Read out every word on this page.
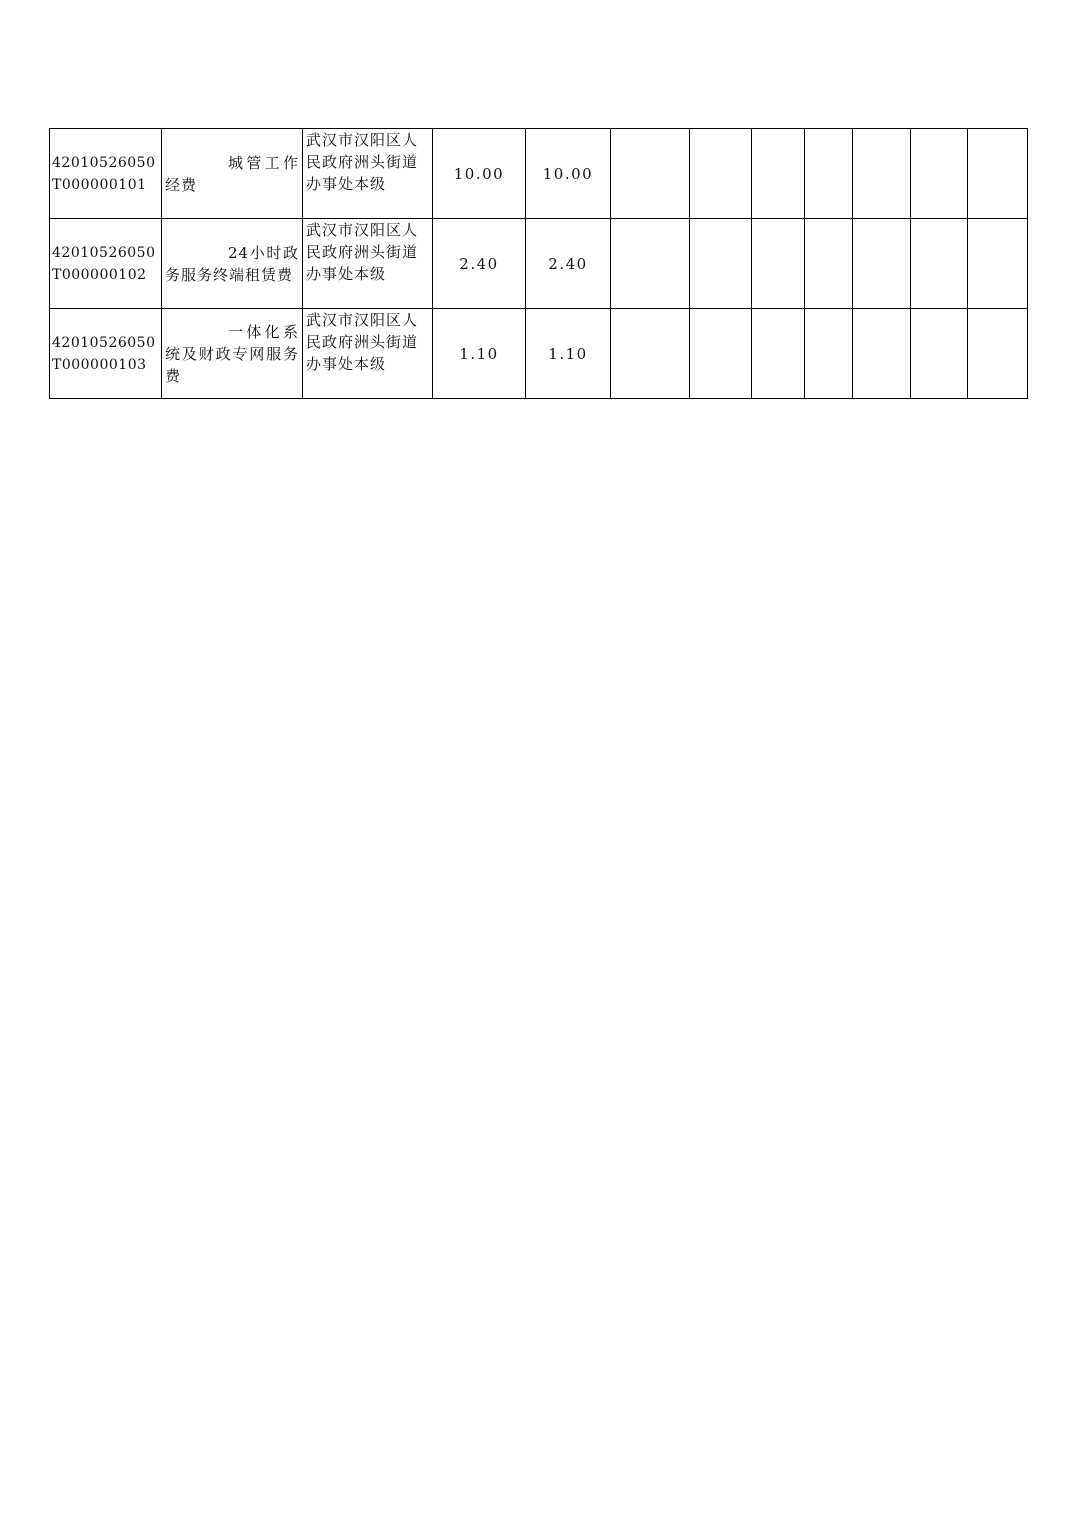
42010526050T000000101	城管工作经费	武汉市汉阳区人民政府洲头街道办事处本级	10.00	10.00							
42010526050T000000102	24小时政务服务终端租赁费	武汉市汉阳区人民政府洲头街道办事处本级	2.40	2.40							
42010526050T000000103	一体化系统及财政专网服务费	武汉市汉阳区人民政府洲头街道办事处本级	1.10	1.10							
